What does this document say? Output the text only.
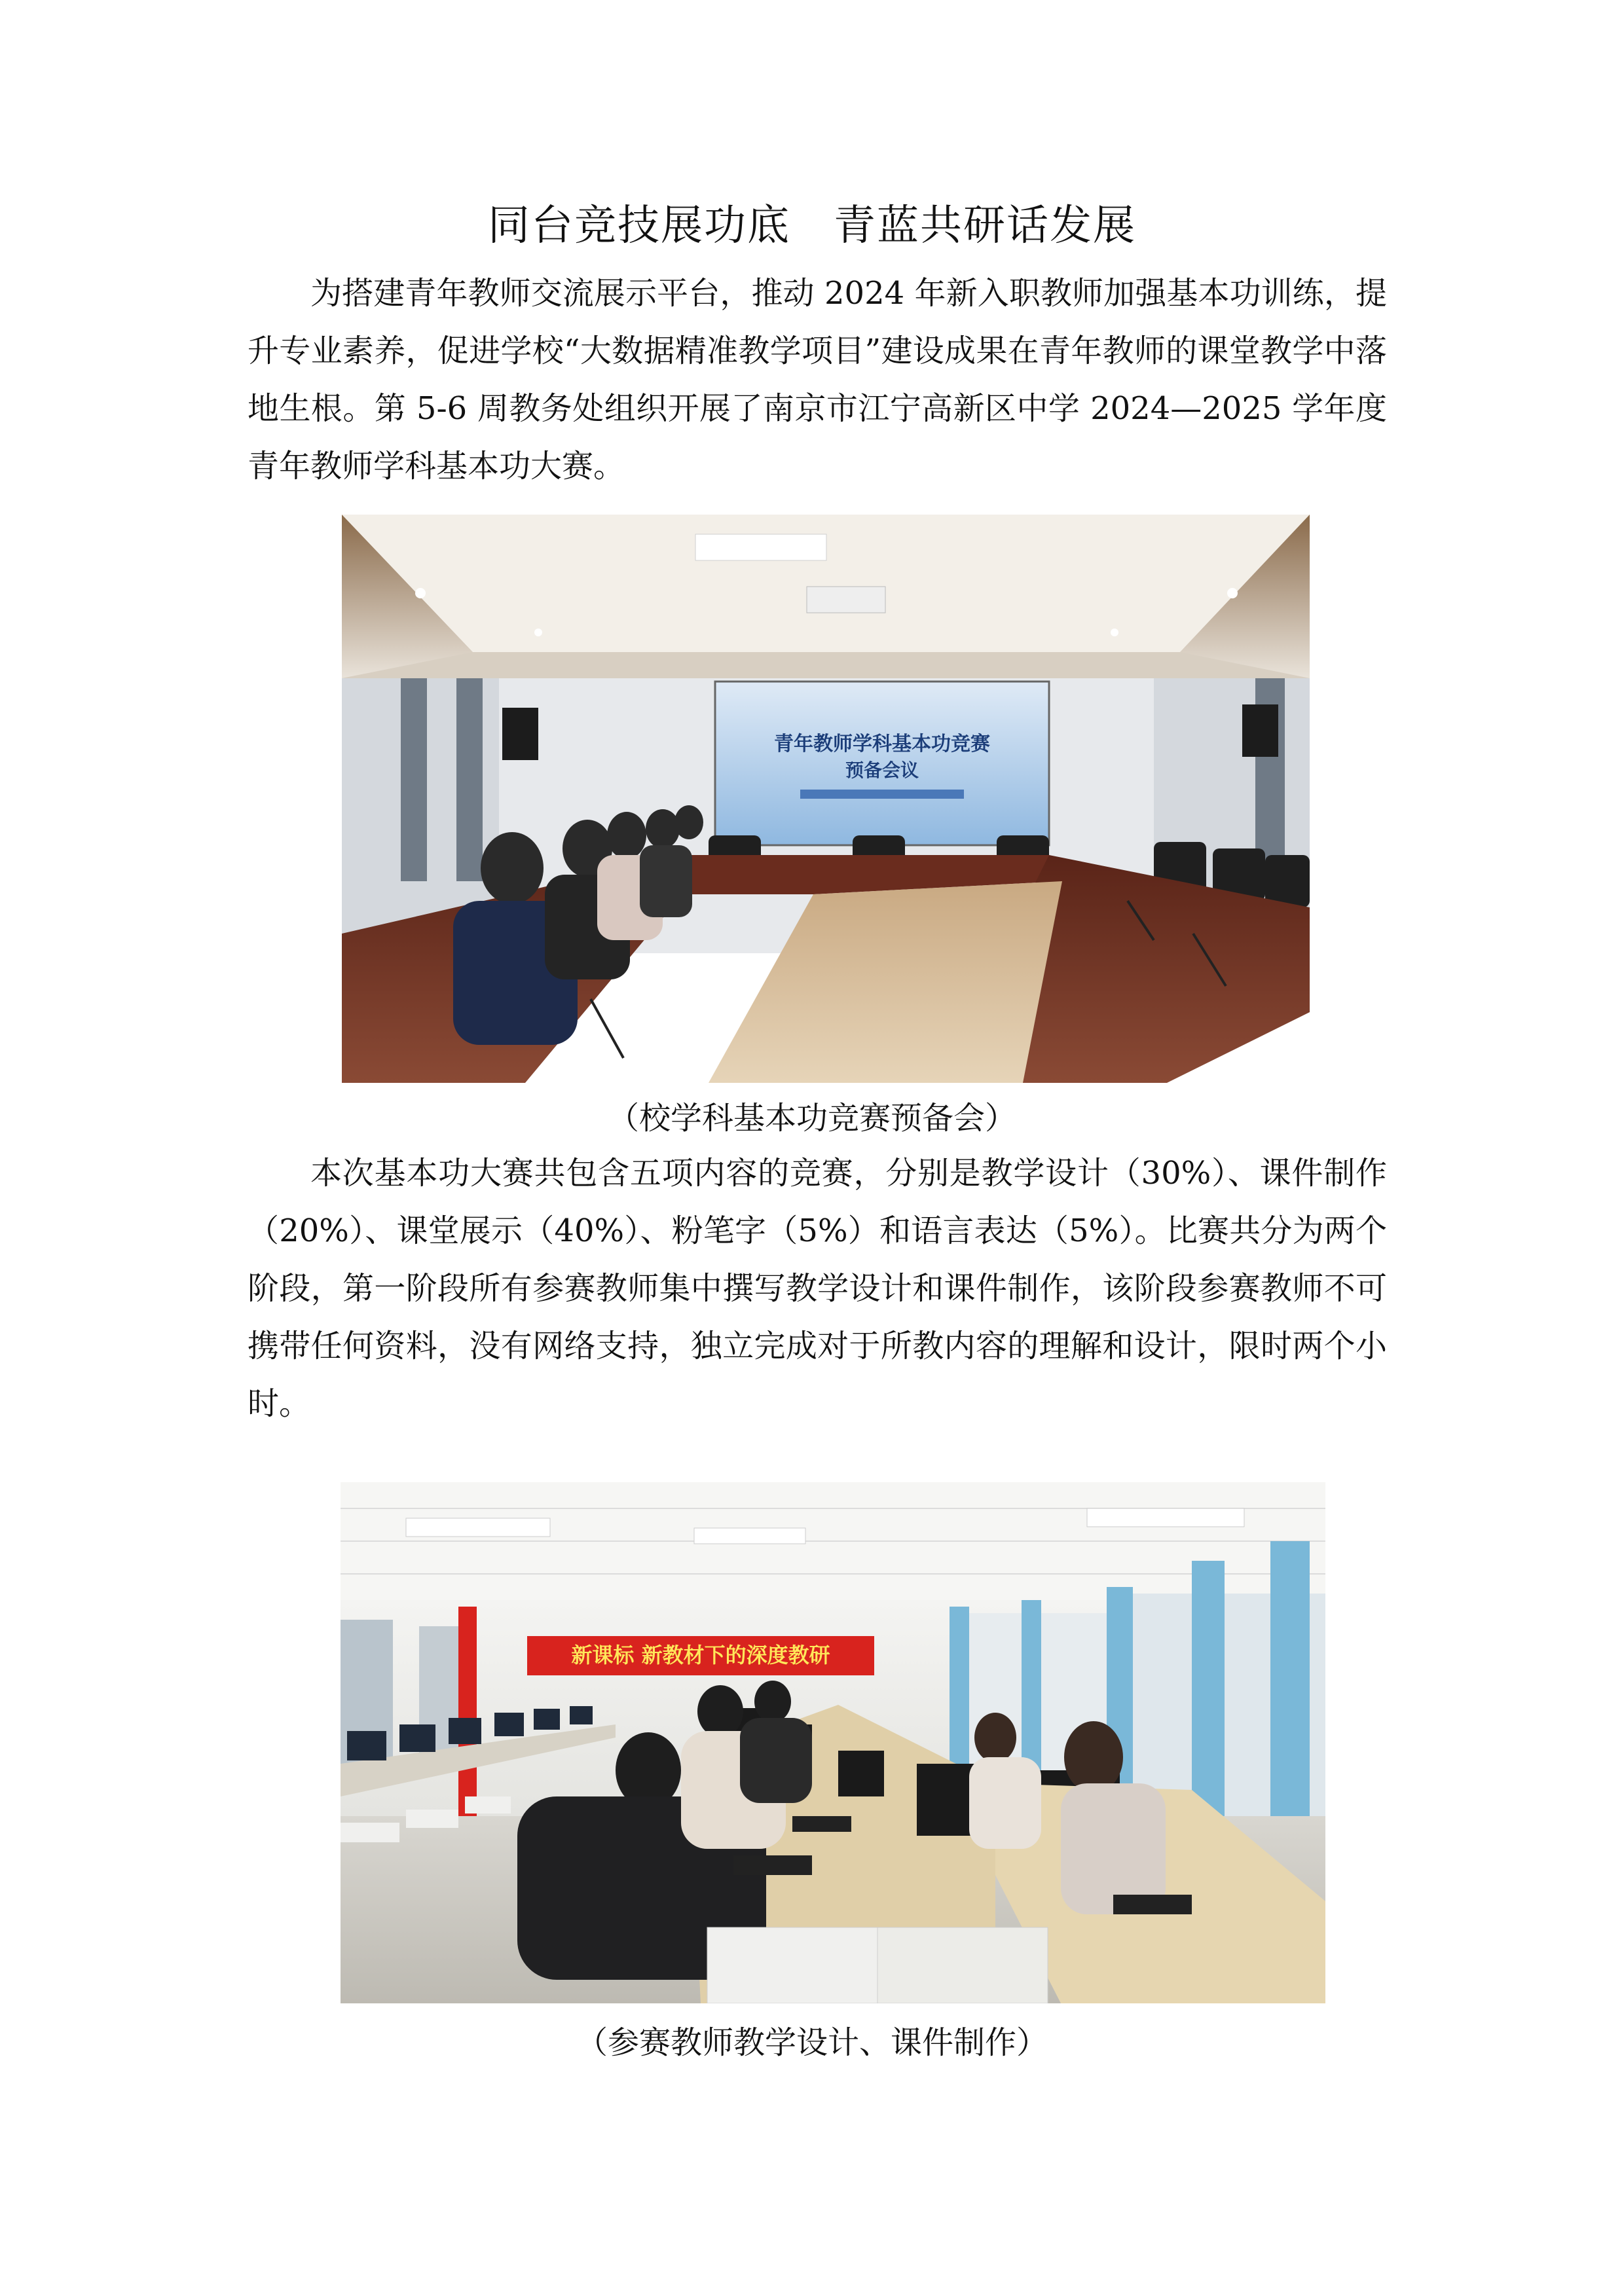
同台竞技展功底　青蓝共研话发展

为搭建青年教师交流展示平台，推动 2024 年新入职教师加强基本功训练，提升专业素养，促进学校“大数据精准教学项目”建设成果在青年教师的课堂教学中落地生根。第 5-6 周教务处组织开展了南京市江宁高新区中学 2024—2025 学年度青年教师学科基本功大赛。

青年教师学科基本功竞赛
预备会议
（校学科基本功竞赛预备会）

本次基本功大赛共包含五项内容的竞赛，分别是教学设计（30%）、课件制作（20%）、课堂展示（40%）、粉笔字（5%）和语言表达（5%）。比赛共分为两个阶段，第一阶段所有参赛教师集中撰写教学设计和课件制作，该阶段参赛教师不可携带任何资料，没有网络支持，独立完成对于所教内容的理解和设计，限时两个小时。

新课标 新教材下的深度教研
（参赛教师教学设计、课件制作）
